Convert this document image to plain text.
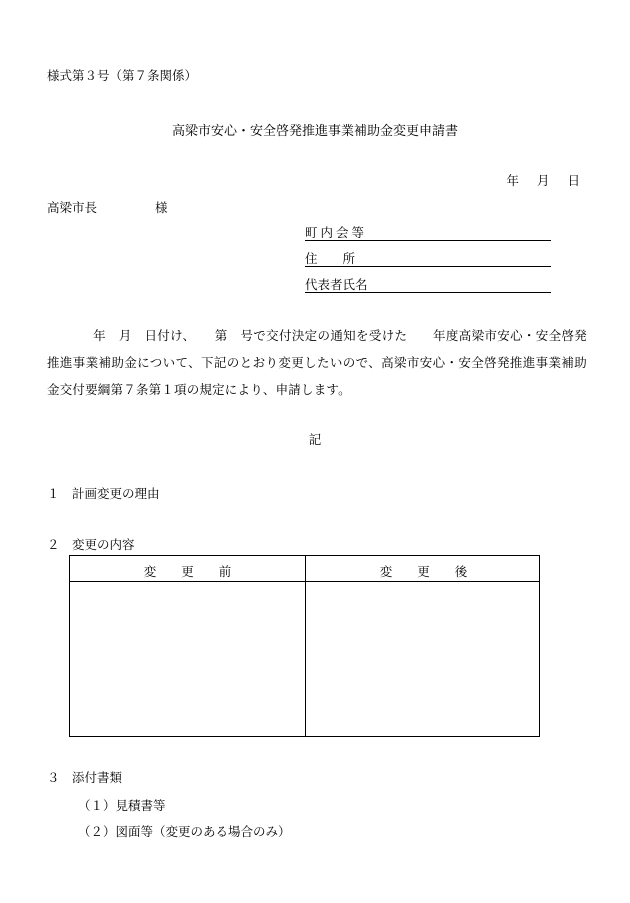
様式第３号（第７条関係）
高梁市安心・安全啓発推進事業補助金変更申請書
年 月 日
高梁市長	様
町内会等
住　　所
代表者氏名
年　月　日付け、　　第　号で交付決定の通知を受けた　　年度高梁市安心・安全啓発推進事業補助金について、下記のとおり変更したいので、高梁市安心・安全啓発推進事業補助金交付要綱第７条第１項の規定により、申請します。
記
１　計画変更の理由
２　変更の内容
変　　更　　前	変　　更　　後
３　添付書類
（１）見積書等
（２）図面等（変更のある場合のみ）
